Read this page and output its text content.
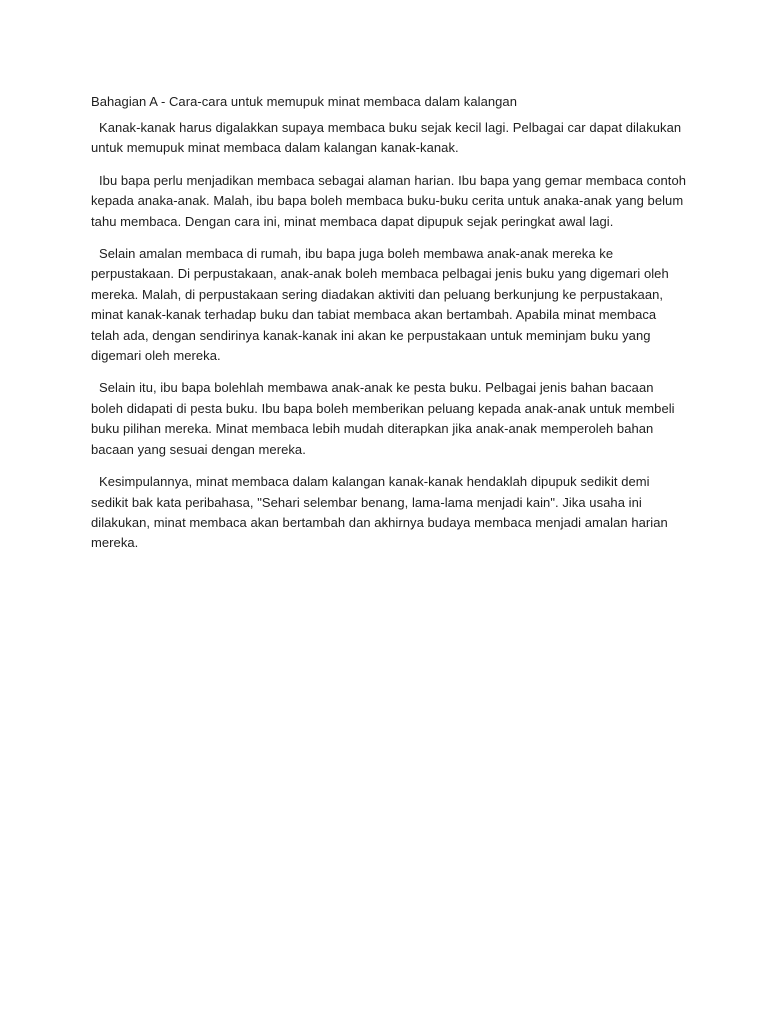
Bahagian A - Cara-cara untuk memupuk minat membaca dalam kalangan

Kanak-kanak harus digalakkan supaya membaca buku sejak kecil lagi. Pelbagai car dapat dilakukan untuk memupuk minat membaca dalam kalangan kanak-kanak.

Ibu bapa perlu menjadikan membaca sebagai alaman harian. Ibu bapa yang gemar membaca contoh kepada anaka-anak. Malah, ibu bapa boleh membaca buku-buku cerita untuk anaka-anak yang belum tahu membaca. Dengan cara ini, minat membaca dapat dipupuk sejak peringkat awal lagi.

Selain amalan membaca di rumah, ibu bapa juga boleh membawa anak-anak mereka ke perpustakaan. Di perpustakaan, anak-anak boleh membaca pelbagai jenis buku yang digemari oleh mereka. Malah, di perpustakaan sering diadakan aktiviti dan peluang berkunjung ke perpustakaan, minat kanak-kanak terhadap buku dan tabiat membaca akan bertambah. Apabila minat membaca telah ada, dengan sendirinya kanak-kanak ini akan ke perpustakaan untuk meminjam buku yang digemari oleh mereka.

Selain itu, ibu bapa bolehlah membawa anak-anak ke pesta buku. Pelbagai jenis bahan bacaan boleh didapati di pesta buku. Ibu bapa boleh memberikan peluang kepada anak-anak untuk membeli buku pilihan mereka. Minat membaca lebih mudah diterapkan jika anak-anak memperoleh bahan bacaan yang sesuai dengan mereka.

Kesimpulannya, minat membaca dalam kalangan kanak-kanak hendaklah dipupuk sedikit demi sedikit bak kata peribahasa, "Sehari selembar benang, lama-lama menjadi kain". Jika usaha ini dilakukan, minat membaca akan bertambah dan akhirnya budaya membaca menjadi amalan harian mereka.
